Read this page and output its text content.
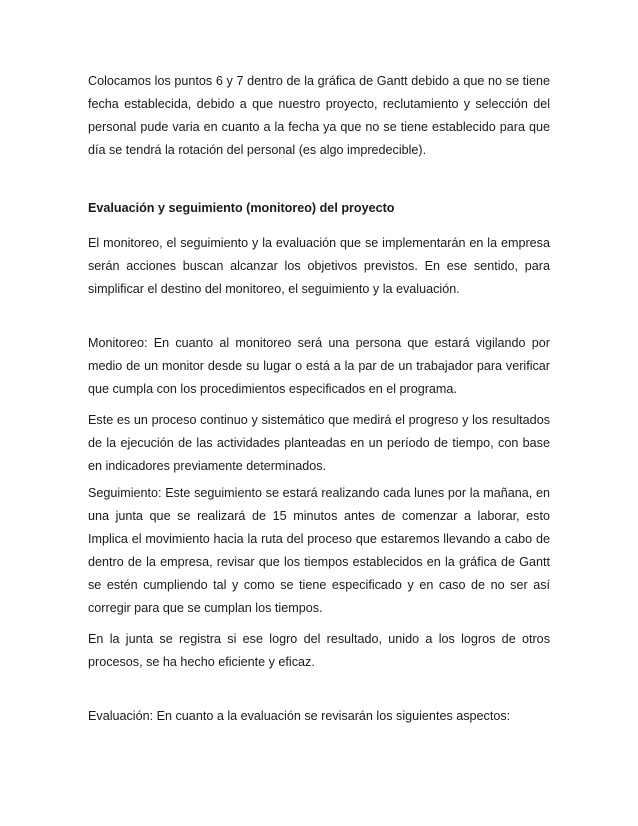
Colocamos los puntos 6 y 7 dentro de la gráfica de Gantt debido a que no se tiene fecha establecida, debido a que nuestro proyecto, reclutamiento y selección del personal pude varia en cuanto a la fecha ya que no se tiene establecido para que día se tendrá la rotación del personal (es algo impredecible).

Evaluación y seguimiento (monitoreo) del proyecto

El monitoreo, el seguimiento y la evaluación que se implementarán en la empresa serán acciones buscan alcanzar los objetivos previstos. En ese sentido, para simplificar el destino del monitoreo, el seguimiento y la evaluación.

Monitoreo: En cuanto al monitoreo será una persona que estará vigilando por medio de un monitor desde su lugar o está a la par de un trabajador para verificar que cumpla con los procedimientos especificados en el programa.

Este es un proceso continuo y sistemático que medirá el progreso y los resultados de la ejecución de las actividades planteadas en un período de tiempo, con base en indicadores previamente determinados.

Seguimiento: Este seguimiento se estará realizando cada lunes por la mañana, en una junta que se realizará de 15 minutos antes de comenzar a laborar, esto Implica el movimiento hacia la ruta del proceso que estaremos llevando a cabo de dentro de la empresa, revisar que los tiempos establecidos en la gráfica de Gantt se estén cumpliendo tal y como se tiene especificado y en caso de no ser así corregir para que se cumplan los tiempos.

En la junta se registra si ese logro del resultado, unido a los logros de otros procesos, se ha hecho eficiente y eficaz.

Evaluación: En cuanto a la evaluación se revisarán los siguientes aspectos:
